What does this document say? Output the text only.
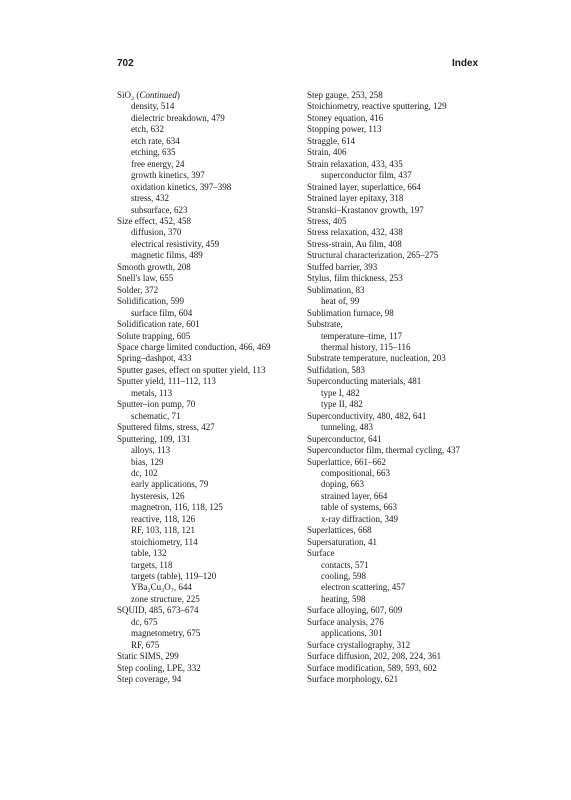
702	Index
SiO₂ (Continued)
density, 514
dielectric breakdown, 479
etch, 632
etch rate, 634
etching, 635
free energy, 24
growth kinetics, 397
oxidation kinetics, 397–398
stress, 432
subsurface, 623
Size effect, 452, 458
diffusion, 370
electrical resistivity, 459
magnetic films, 489
Smooth growth, 208
Snell's law, 655
Solder, 372
Solidification, 599
surface film, 604
Solidification rate, 601
Solute trapping, 605
Space charge limited conduction, 466, 469
Spring–dashpot, 433
Sputter gases, effect on sputter yield, 113
Sputter yield, 111–112, 113
metals, 113
Sputter–ion pump, 70
schematic, 71
Sputtered films, stress, 427
Sputtering, 109, 131
alloys, 113
bias, 129
dc, 102
early applications, 79
hysteresis, 126
magnetron, 116, 118, 125
reactive, 118, 126
RF, 103, 118, 121
stoichiometry, 114
table, 132
targets, 118
targets (table), 119–120
YBa₂Cu₃O₇, 644
zone structure, 225
SQUID, 485, 673–674
dc, 675
magnetometry, 675
RF, 675
Static SIMS, 299
Step cooling, LPE, 332
Step coverage, 94
Step gauge, 253, 258
Stoichiometry, reactive sputtering, 129
Stoney equation, 416
Stopping power, 113
Straggle, 614
Strain, 406
Strain relaxation, 433, 435
superconductor film, 437
Strained layer, superlattice, 664
Strained layer epitaxy, 318
Stranski–Krastanov growth, 197
Stress, 405
Stress relaxation, 432, 438
Stress-strain, Au film, 408
Structural characterization, 265–275
Stuffed barrier, 393
Stylus, film thickness, 253
Sublimation, 83
heat of, 99
Sublimation furnace, 98
Substrate,
temperature–time, 117
thermal history, 115–116
Substrate temperature, nucleation, 203
Sulfidation, 583
Superconducting materials, 481
type I, 482
type II, 482
Superconductivity, 480, 482, 641
tunneling, 483
Superconductor, 641
Superconductor film, thermal cycling, 437
Superlattice, 661–662
compositional, 663
doping, 663
strained layer, 664
table of systems, 663
x-ray diffraction, 349
Superlattices, 668
Supersaturation, 41
Surface
contacts, 571
cooling, 598
electron scattering, 457
heating, 598
Surface alloying, 607, 609
Surface analysis, 276
applications, 301
Surface crystallography, 312
Surface diffusion, 202, 208, 224, 361
Surface modification, 589, 593, 602
Surface morphology, 621
